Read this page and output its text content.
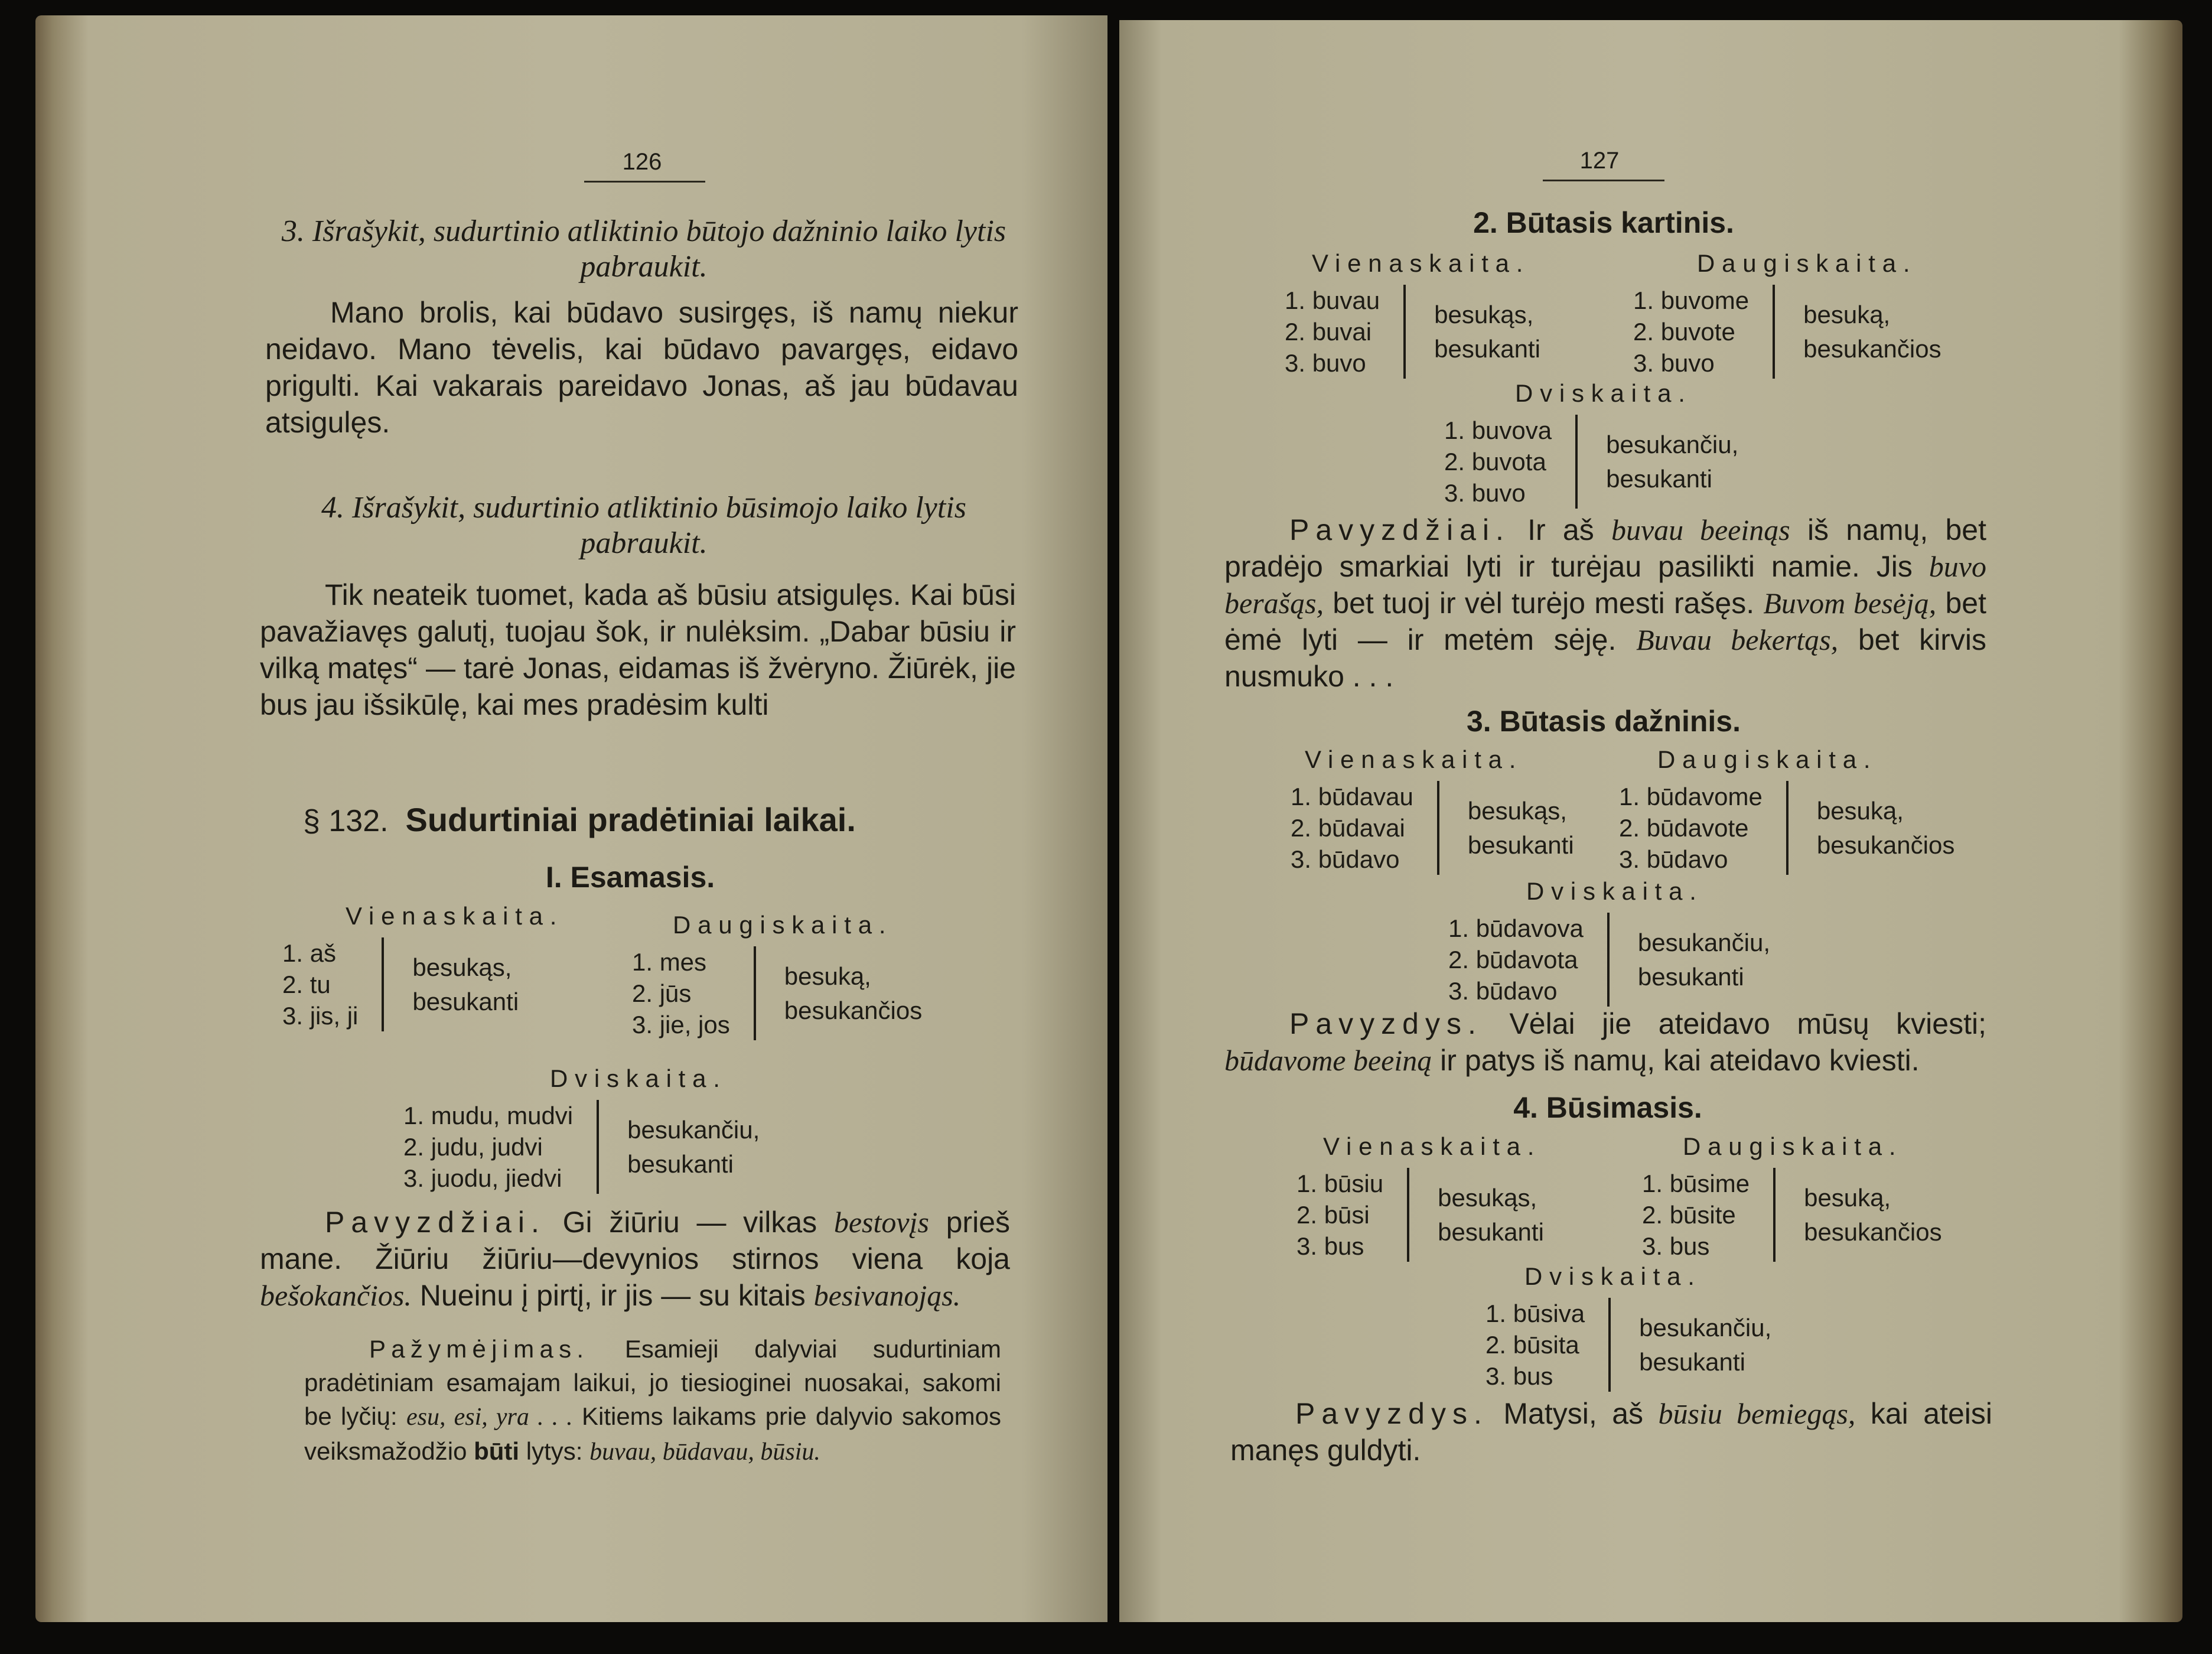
126
3. Išrašykit, sudurtinio atliktinio būtojo dažninio laiko lytis pabraukit.
Mano brolis, kai būdavo susirgęs, iš namų niekur neidavo. Mano tėvelis, kai būdavo pavargęs, eidavo prigulti. Kai vakarais pareidavo Jonas, aš jau būdavau atsigulęs.
4. Išrašykit, sudurtinio atliktinio būsimojo laiko lytis pabraukit.
Tik neateik tuomet, kada aš būsiu atsigulęs. Kai būsi pavažiavęs galutį, tuojau šok, ir nulėksim. „Dabar būsiu ir vilką matęs“ — tarė Jonas, eidamas iš žvėryno. Žiūrėk, jie bus jau išsikūlę, kai mes pradėsim kulti
§ 132. Sudurtiniai pradėtiniai laikai.
I. Esamasis.
Vienaskaita.
1. aš
2. tu
3. jis, ji
besukąs,
besukanti
Daugiskaita.
1. mes
2. jūs
3. jie, jos
besuką,
besukančios
Dviskaita.
1. mudu, mudvi
2. judu, judvi
3. juodu, jiedvi
besukančiu,
besukanti
Pavyzdžiai. Gi žiūriu — vilkas bestovįs prieš mane. Žiūriu žiūriu—devynios stirnos viena koja bešokančios. Nueinu į pirtį, ir jis — su kitais besivanojąs.
Pažymėjimas. Esamieji dalyviai sudurtiniam pradėtiniam esamajam laikui, jo tiesioginei nuosakai, sakomi be lyčių: esu, esi, yra . . . Kitiems laikams prie dalyvio sakomos veiksmažodžio būti lytys: buvau, būdavau, būsiu.
127
2. Būtasis kartinis.
Vienaskaita.
1. buvau
2. buvai
3. buvo
besukąs,
besukanti
Daugiskaita.
1. buvome
2. buvote
3. buvo
besuką,
besukančios
Dviskaita.
1. buvova
2. buvota
3. buvo
besukančiu,
besukanti
Pavyzdžiai. Ir aš buvau beeinąs iš namų, bet pradėjo smarkiai lyti ir turėjau pasilikti namie. Jis buvo berašąs, bet tuoj ir vėl turėjo mesti rašęs. Buvom besėją, bet ėmė lyti — ir metėm sėję. Buvau bekertąs, bet kirvis nusmuko . . .
3. Būtasis dažninis.
Vienaskaita.
1. būdavau
2. būdavai
3. būdavo
besukąs,
besukanti
Daugiskaita.
1. būdavome
2. būdavote
3. būdavo
besuką,
besukančios
Dviskaita.
1. būdavova
2. būdavota
3. būdavo
besukančiu,
besukanti
Pavyzdys. Vėlai jie ateidavo mūsų kviesti; būdavome beeiną ir patys iš namų, kai ateidavo kviesti.
4. Būsimasis.
Vienaskaita.
1. būsiu
2. būsi
3. bus
besukąs,
besukanti
Daugiskaita.
1. būsime
2. būsite
3. bus
besuką,
besukančios
Dviskaita.
1. būsiva
2. būsita
3. bus
besukančiu,
besukanti
Pavyzdys. Matysi, aš būsiu bemiegąs, kai ateisi manęs guldyti.
